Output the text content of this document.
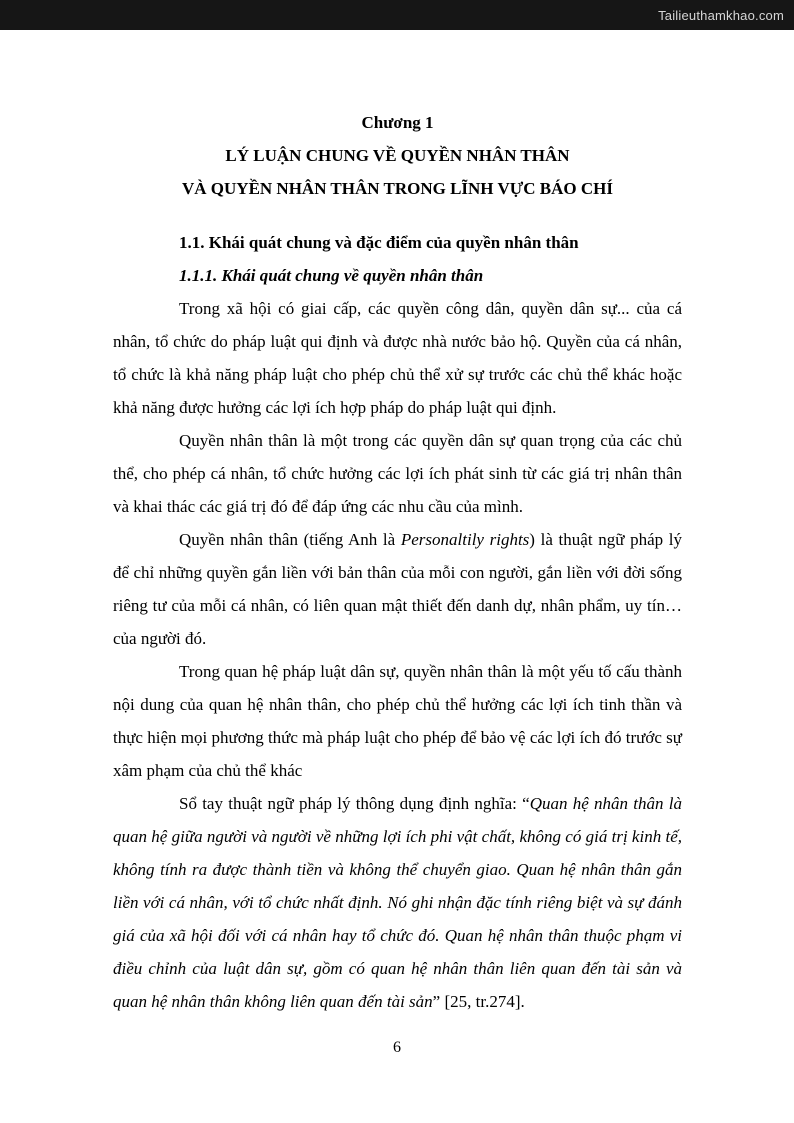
Tailieuthamkhao.com

Chương 1

LÝ LUẬN CHUNG VỀ QUYỀN NHÂN THÂN

VÀ QUYỀN NHÂN THÂN TRONG LĨNH VỰC BÁO CHÍ

1.1. Khái quát chung và đặc điểm của quyền nhân thân

1.1.1. Khái quát chung về quyền nhân thân

Trong xã hội có giai cấp, các quyền công dân, quyền dân sự... của cá nhân, tổ chức do pháp luật qui định và được nhà nước bảo hộ. Quyền của cá nhân, tổ chức là khả năng pháp luật cho phép chủ thể xử sự trước các chủ thể khác hoặc khả năng được hưởng các lợi ích hợp pháp do pháp luật qui định.

Quyền nhân thân là một trong các quyền dân sự quan trọng của các chủ thể, cho phép cá nhân, tổ chức hưởng các lợi ích phát sinh từ các giá trị nhân thân và khai thác các giá trị đó để đáp ứng các nhu cầu của mình.

Quyền nhân thân (tiếng Anh là Personaltily rights) là thuật ngữ pháp lý để chỉ những quyền gắn liền với bản thân của mỗi con người, gắn liền với đời sống riêng tư của mỗi cá nhân, có liên quan mật thiết đến danh dự, nhân phẩm, uy tín… của người đó.

Trong quan hệ pháp luật dân sự, quyền nhân thân là một yếu tố cấu thành nội dung của quan hệ nhân thân, cho phép chủ thể hưởng các lợi ích tinh thần và thực hiện mọi phương thức mà pháp luật cho phép để bảo vệ các lợi ích đó trước sự xâm phạm của chủ thể khác

Sổ tay thuật ngữ pháp lý thông dụng định nghĩa: “Quan hệ nhân thân là quan hệ giữa người và người về những lợi ích phi vật chất, không có giá trị kinh tế, không tính ra được thành tiền và không thể chuyển giao. Quan hệ nhân thân gắn liền với cá nhân, với tổ chức nhất định. Nó ghi nhận đặc tính riêng biệt và sự đánh giá của xã hội đối với cá nhân hay tổ chức đó. Quan hệ nhân thân thuộc phạm vi điều chỉnh của luật dân sự, gồm có quan hệ nhân thân liên quan đến tài sản và quan hệ nhân thân không liên quan đến tài sản” [25, tr.274].

6
